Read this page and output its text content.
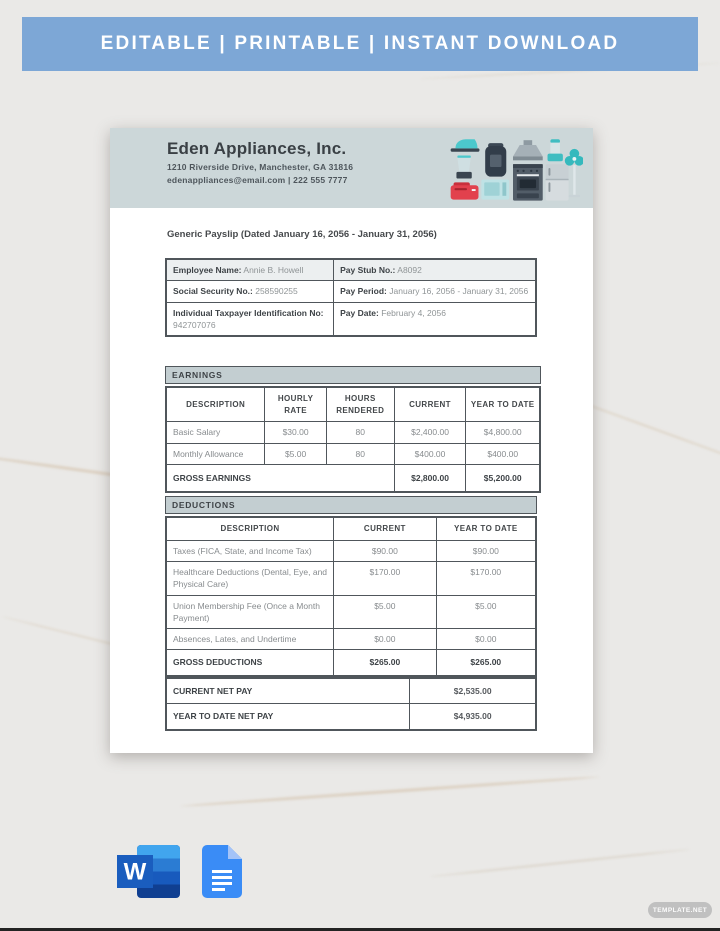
EDITABLE | PRINTABLE | INSTANT DOWNLOAD
Eden Appliances, Inc.
1210 Riverside Drive, Manchester, GA 31816
edenappliances@email.com | 222 555 7777
Generic Payslip (Dated January 16, 2056 - January 31, 2056)
Employee Name: Annie B. Howell	Pay Stub No.: A8092
Social Security No.: 258590255	Pay Period: January 16, 2056 - January 31, 2056
Individual Taxpayer Identification No: 942707076	Pay Date: February 4, 2056
EARNINGS
DESCRIPTION	HOURLY RATE	HOURS RENDERED	CURRENT	YEAR TO DATE
Basic Salary	$30.00	80	$2,400.00	$4,800.00
Monthly Allowance	$5.00	80	$400.00	$400.00
GROSS EARNINGS			$2,800.00	$5,200.00
DEDUCTIONS
DESCRIPTION	CURRENT	YEAR TO DATE
Taxes (FICA, State, and Income Tax)	$90.00	$90.00
Healthcare Deductions (Dental, Eye, and Physical Care)	$170.00	$170.00
Union Membership Fee (Once a Month Payment)	$5.00	$5.00
Absences, Lates, and Undertime	$0.00	$0.00
GROSS DEDUCTIONS	$265.00	$265.00
CURRENT NET PAY	$2,535.00
YEAR TO DATE NET PAY	$4,935.00
W
TEMPLATE.NET
